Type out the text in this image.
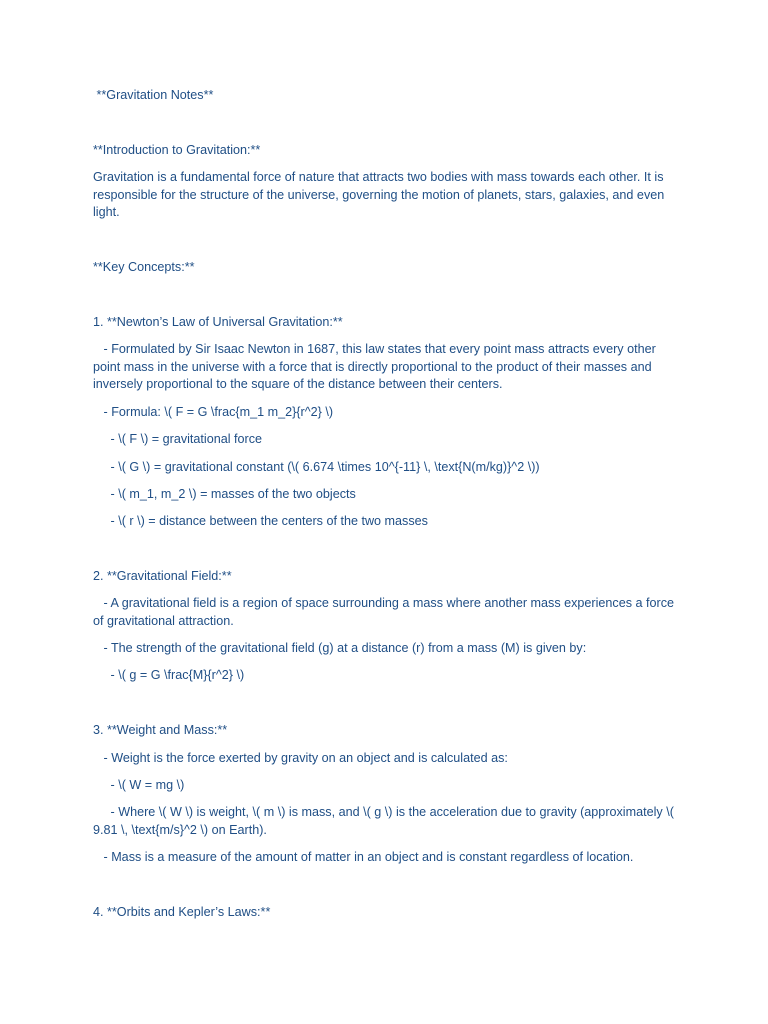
**Gravitation Notes**

**Introduction to Gravitation:**

Gravitation is a fundamental force of nature that attracts two bodies with mass towards each other. It is responsible for the structure of the universe, governing the motion of planets, stars, galaxies, and even light.

**Key Concepts:**

1. **Newton’s Law of Universal Gravitation:**

- Formulated by Sir Isaac Newton in 1687, this law states that every point mass attracts every other point mass in the universe with a force that is directly proportional to the product of their masses and inversely proportional to the square of the distance between their centers.

- Formula: \( F = G \frac{m_1 m_2}{r^2} \)

- \( F \) = gravitational force

- \( G \) = gravitational constant (\( 6.674 \times 10^{-11} \, \text{N(m/kg)}^2 \))

- \( m_1, m_2 \) = masses of the two objects

- \( r \) = distance between the centers of the two masses

2. **Gravitational Field:**

- A gravitational field is a region of space surrounding a mass where another mass experiences a force of gravitational attraction.

- The strength of the gravitational field (g) at a distance (r) from a mass (M) is given by:

- \( g = G \frac{M}{r^2} \)

3. **Weight and Mass:**

- Weight is the force exerted by gravity on an object and is calculated as:

- \( W = mg \)

- Where \( W \) is weight, \( m \) is mass, and \( g \) is the acceleration due to gravity (approximately \( 9.81 \, \text{m/s}^2 \) on Earth).

- Mass is a measure of the amount of matter in an object and is constant regardless of location.

4. **Orbits and Kepler’s Laws:**
